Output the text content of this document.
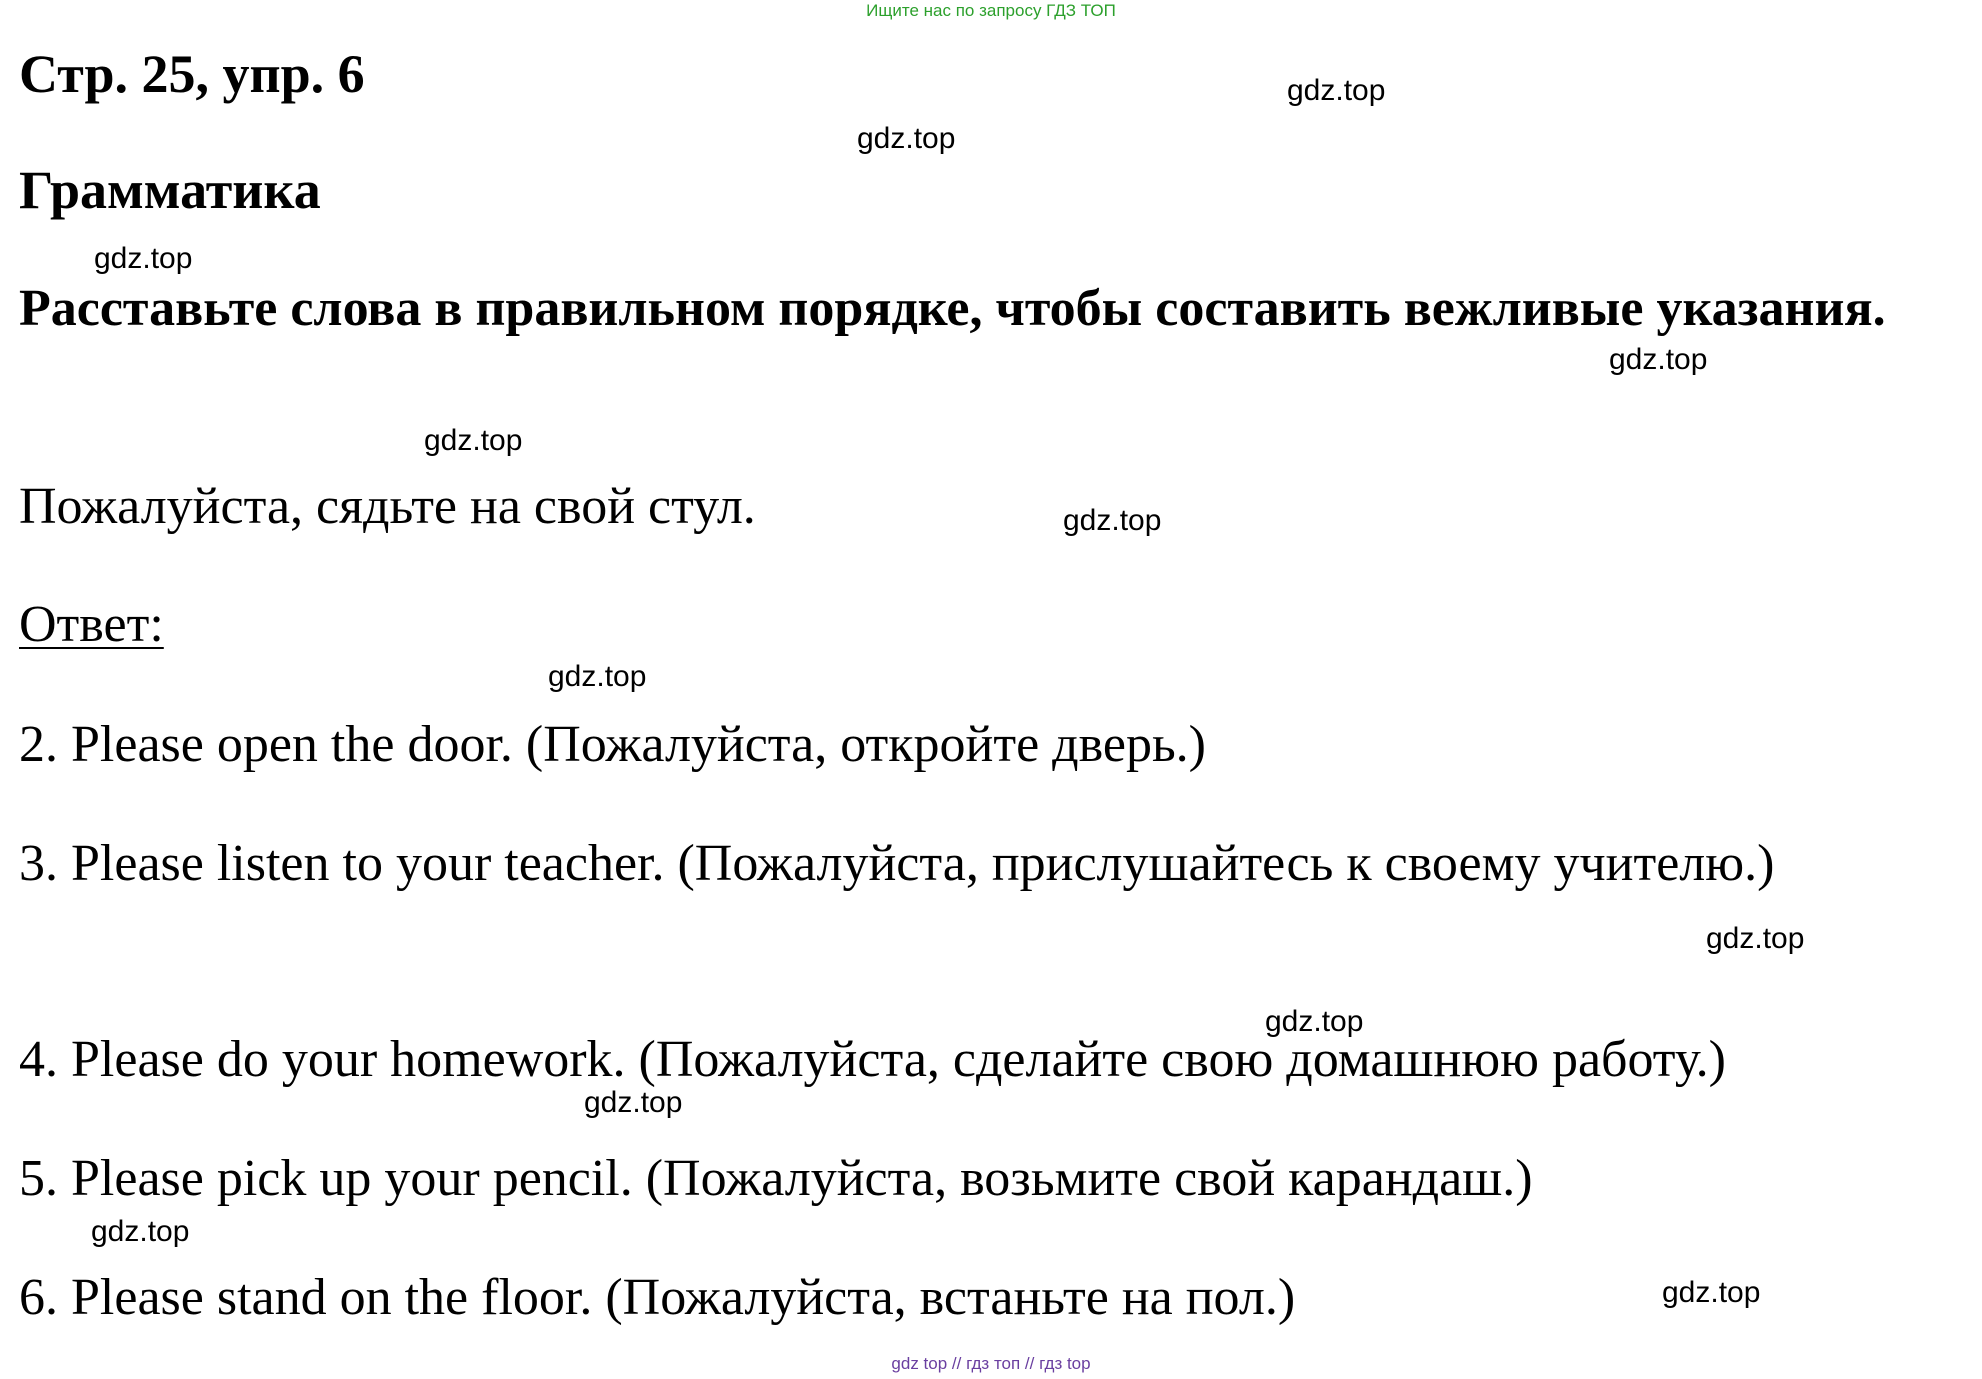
Ищите нас по запросу ГДЗ ТОП
Стр. 25, упр. 6
Грамматика
Расставьте слова в правильном порядке, чтобы составить вежливые указания.
Пожалуйста, сядьте на свой стул.
Ответ:
2. Please open the door. (Пожалуйста, откройте дверь.)
3. Please listen to your teacher. (Пожалуйста, прислушайтесь к своему учителю.)
4. Please do your homework. (Пожалуйста, сделайте свою домашнюю работу.)
5. Please pick up your pencil. (Пожалуйста, возьмите свой карандаш.)
6. Please stand on the floor. (Пожалуйста, встаньте на пол.)
gdz.top
gdz.top
gdz.top
gdz.top
gdz.top
gdz.top
gdz.top
gdz.top
gdz.top
gdz.top
gdz.top
gdz.top
gdz top // гдз топ // гдз top
